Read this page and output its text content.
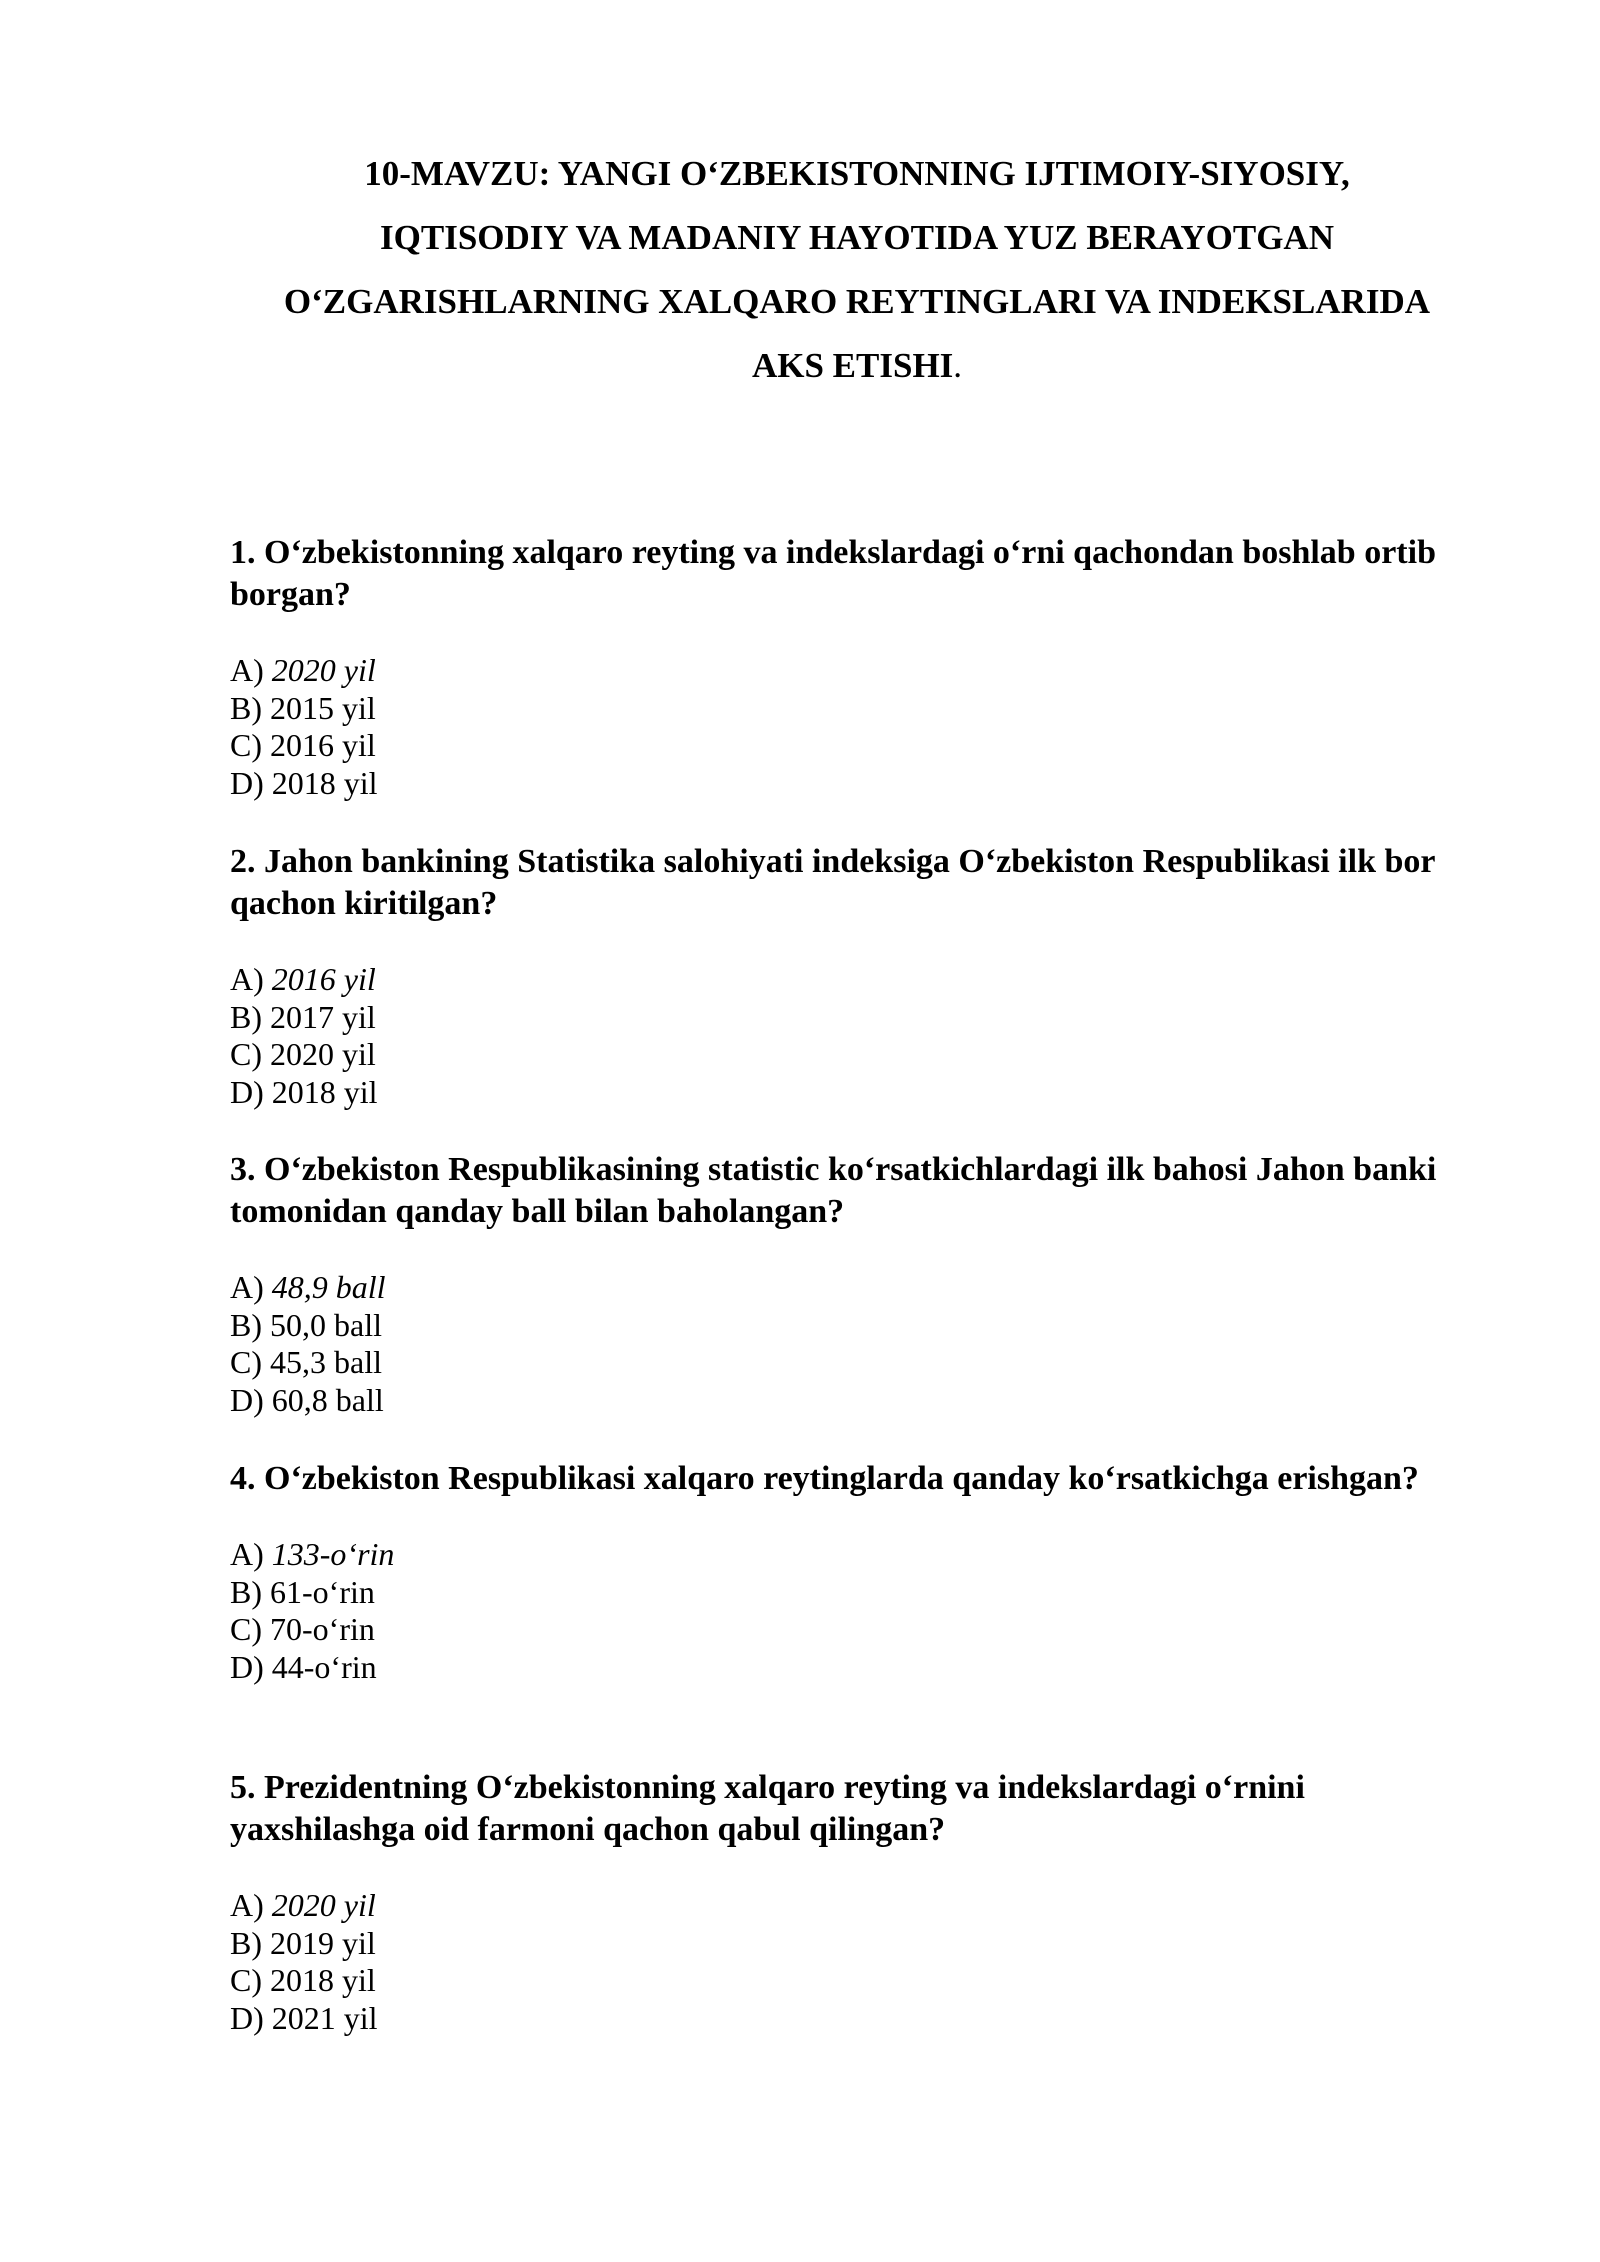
10-MAVZU: YANGI O‘ZBEKISTONNING IJTIMOIY-SIYOSIY,
IQTISODIY VA MADANIY HAYOTIDA YUZ BERAYOTGAN
O‘ZGARISHLARNING XALQARO REYTINGLARI VA INDEKSLARIDA
AKS ETISHI.

1. O‘zbekistonning xalqaro reyting va indekslardagi o‘rni qachondan boshlab ortib borgan?

A) 2020 yil
B) 2015 yil
C) 2016 yil
D) 2018 yil

2. Jahon bankining Statistika salohiyati indeksiga O‘zbekiston Respublikasi ilk bor qachon kiritilgan?

A) 2016 yil
B) 2017 yil
C) 2020 yil
D) 2018 yil

3. O‘zbekiston Respublikasining statistic ko‘rsatkichlardagi ilk bahosi Jahon banki tomonidan qanday ball bilan baholangan?

A) 48,9 ball
B) 50,0 ball
C) 45,3 ball
D) 60,8 ball

4. O‘zbekiston Respublikasi xalqaro reytinglarda qanday ko‘rsatkichga erishgan?

A) 133-o‘rin
B) 61-o‘rin
C) 70-o‘rin
D) 44-o‘rin

5. Prezidentning O‘zbekistonning xalqaro reyting va indekslardagi o‘rnini yaxshilashga oid farmoni qachon qabul qilingan?

A) 2020 yil
B) 2019 yil
C) 2018 yil
D) 2021 yil
